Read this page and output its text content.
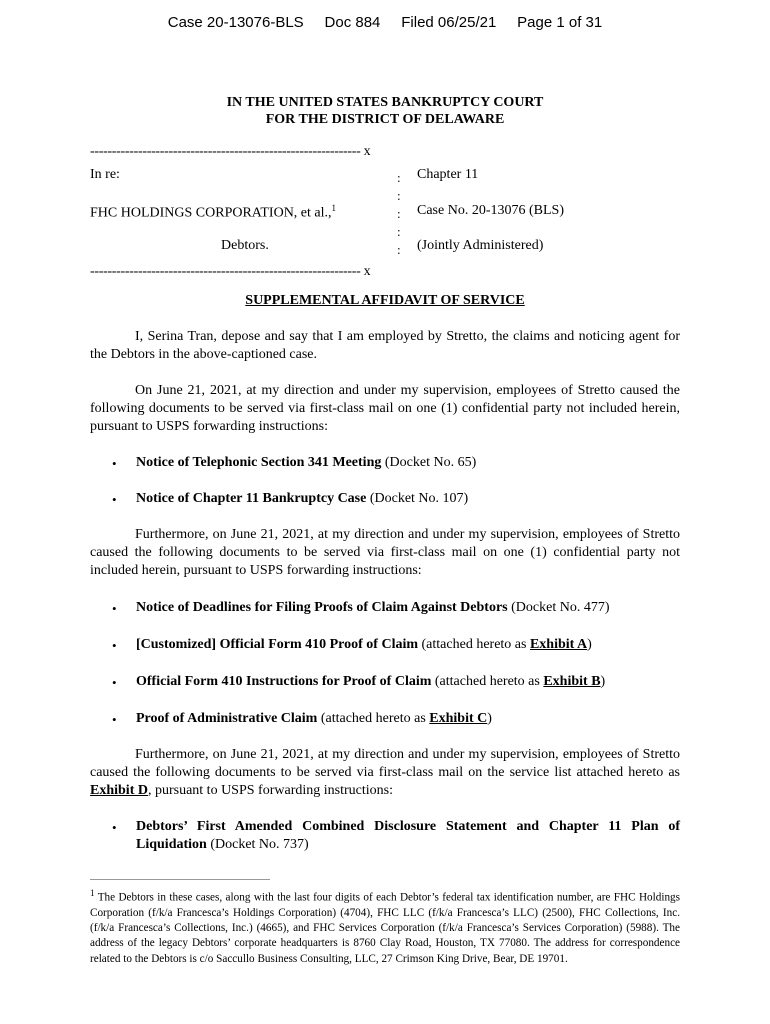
Case 20-13076-BLS Doc 884 Filed 06/25/21 Page 1 of 31
IN THE UNITED STATES BANKRUPTCY COURT
FOR THE DISTRICT OF DELAWARE
-------------------------------------------------------------- x
In re:
FHC HOLDINGS CORPORATION, et al.,$^1$
Debtors.
:
:
:
:
:
Chapter 11
Case No. 20-13076 (BLS)
(Jointly Administered)
-------------------------------------------------------------- x
SUPPLEMENTAL AFFIDAVIT OF SERVICE
I, Serina Tran, depose and say that I am employed by Stretto, the claims and noticing agent for the Debtors in the above-captioned case.
On June 21, 2021, at my direction and under my supervision, employees of Stretto caused the following documents to be served via first-class mail on one (1) confidential party not included herein, pursuant to USPS forwarding instructions:
• Notice of Telephonic Section 341 Meeting (Docket No. 65)
• Notice of Chapter 11 Bankruptcy Case (Docket No. 107)
Furthermore, on June 21, 2021, at my direction and under my supervision, employees of Stretto caused the following documents to be served via first-class mail on one (1) confidential party not included herein, pursuant to USPS forwarding instructions:
• Notice of Deadlines for Filing Proofs of Claim Against Debtors (Docket No. 477)
• [Customized] Official Form 410 Proof of Claim (attached hereto as Exhibit A)
• Official Form 410 Instructions for Proof of Claim (attached hereto as Exhibit B)
• Proof of Administrative Claim (attached hereto as Exhibit C)
Furthermore, on June 21, 2021, at my direction and under my supervision, employees of Stretto caused the following documents to be served via first-class mail on the service list attached hereto as Exhibit D, pursuant to USPS forwarding instructions:
• Debtors’ First Amended Combined Disclosure Statement and Chapter 11 Plan of Liquidation (Docket No. 737)
$^1$ The Debtors in these cases, along with the last four digits of each Debtor’s federal tax identification number, are FHC Holdings Corporation (f/k/a Francesca’s Holdings Corporation) (4704), FHC LLC (f/k/a Francesca’s LLC) (2500), FHC Collections, Inc. (f/k/a Francesca’s Collections, Inc.) (4665), and FHC Services Corporation (f/k/a Francesca’s Services Corporation) (5988). The address of the legacy Debtors’ corporate headquarters is 8760 Clay Road, Houston, TX 77080. The address for correspondence related to the Debtors is c/o Saccullo Business Consulting, LLC, 27 Crimson King Drive, Bear, DE 19701.
